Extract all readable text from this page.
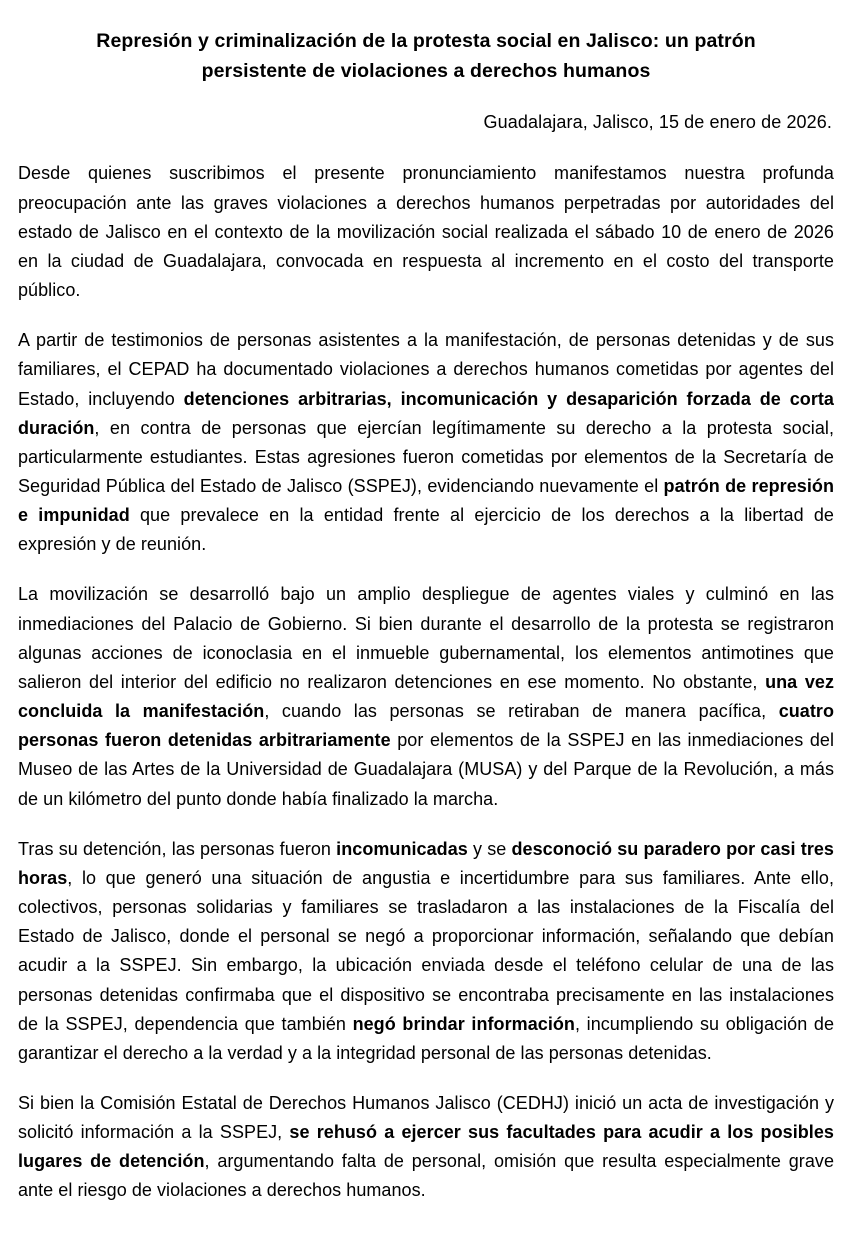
Represión y criminalización de la protesta social en Jalisco: un patrón persistente de violaciones a derechos humanos
Guadalajara, Jalisco, 15 de enero de 2026.

Desde quienes suscribimos el presente pronunciamiento manifestamos nuestra profunda preocupación ante las graves violaciones a derechos humanos perpetradas por autoridades del estado de Jalisco en el contexto de la movilización social realizada el sábado 10 de enero de 2026 en la ciudad de Guadalajara, convocada en respuesta al incremento en el costo del transporte público.

A partir de testimonios de personas asistentes a la manifestación, de personas detenidas y de sus familiares, el CEPAD ha documentado violaciones a derechos humanos cometidas por agentes del Estado, incluyendo detenciones arbitrarias, incomunicación y desaparición forzada de corta duración, en contra de personas que ejercían legítimamente su derecho a la protesta social, particularmente estudiantes. Estas agresiones fueron cometidas por elementos de la Secretaría de Seguridad Pública del Estado de Jalisco (SSPEJ), evidenciando nuevamente el patrón de represión e impunidad que prevalece en la entidad frente al ejercicio de los derechos a la libertad de expresión y de reunión.

La movilización se desarrolló bajo un amplio despliegue de agentes viales y culminó en las inmediaciones del Palacio de Gobierno. Si bien durante el desarrollo de la protesta se registraron algunas acciones de iconoclasia en el inmueble gubernamental, los elementos antimotines que salieron del interior del edificio no realizaron detenciones en ese momento. No obstante, una vez concluida la manifestación, cuando las personas se retiraban de manera pacífica, cuatro personas fueron detenidas arbitrariamente por elementos de la SSPEJ en las inmediaciones del Museo de las Artes de la Universidad de Guadalajara (MUSA) y del Parque de la Revolución, a más de un kilómetro del punto donde había finalizado la marcha.

Tras su detención, las personas fueron incomunicadas y se desconoció su paradero por casi tres horas, lo que generó una situación de angustia e incertidumbre para sus familiares. Ante ello, colectivos, personas solidarias y familiares se trasladaron a las instalaciones de la Fiscalía del Estado de Jalisco, donde el personal se negó a proporcionar información, señalando que debían acudir a la SSPEJ. Sin embargo, la ubicación enviada desde el teléfono celular de una de las personas detenidas confirmaba que el dispositivo se encontraba precisamente en las instalaciones de la SSPEJ, dependencia que también negó brindar información, incumpliendo su obligación de garantizar el derecho a la verdad y a la integridad personal de las personas detenidas.

Si bien la Comisión Estatal de Derechos Humanos Jalisco (CEDHJ) inició un acta de investigación y solicitó información a la SSPEJ, se rehusó a ejercer sus facultades para acudir a los posibles lugares de detención, argumentando falta de personal, omisión que resulta especialmente grave ante el riesgo de violaciones a derechos humanos.
